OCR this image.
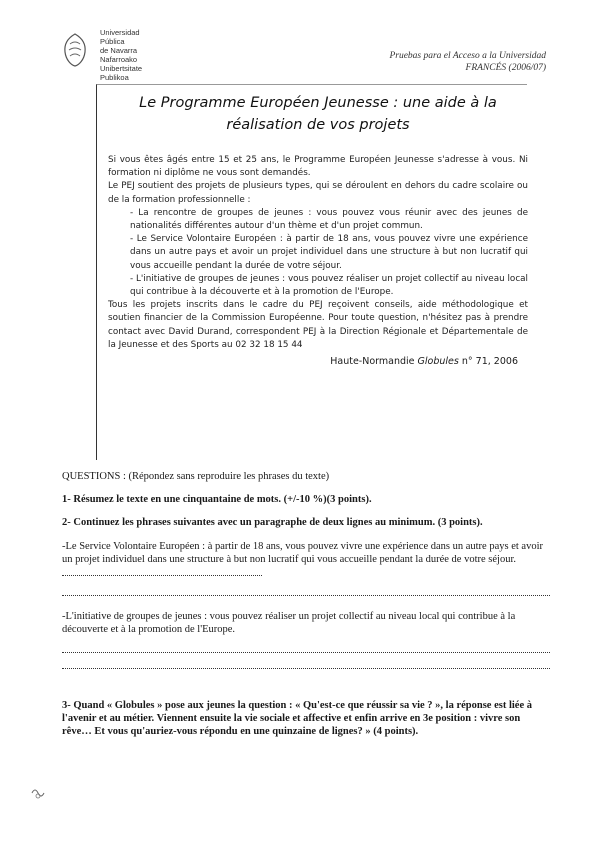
Universidad Pública
de Navarra
Nafarroako
Unibertsitate Publikoa
Pruebas para el Acceso a la Universidad
FRANCÉS (2006/07)
Le Programme Européen Jeunesse : une aide à la
réalisation de vos projets

Si vous êtes âgés entre 15 et 25 ans, le Programme Européen Jeunesse s'adresse à vous. Ni formation ni diplôme ne vous sont demandés.

Le PEJ soutient des projets de plusieurs types, qui se déroulent en dehors du cadre scolaire ou de la formation professionnelle :

- La rencontre de groupes de jeunes : vous pouvez vous réunir avec des jeunes de nationalités différentes autour d'un thème et d'un projet commun.

- Le Service Volontaire Européen : à partir de 18 ans, vous pouvez vivre une expérience dans un autre pays et avoir un projet individuel dans une structure à but non lucratif qui vous accueille pendant la durée de votre séjour.

- L'initiative de groupes de jeunes : vous pouvez réaliser un projet collectif au niveau local qui contribue à la découverte et à la promotion de l'Europe.

Tous les projets inscrits dans le cadre du PEJ reçoivent conseils, aide méthodologique et soutien financier de la Commission Européenne. Pour toute question, n'hésitez pas à prendre contact avec David Durand, correspondent PEJ à la Direction Régionale et Départementale de la Jeunesse et des Sports au 02 32 18 15 44

Haute-Normandie Globules n° 71, 2006

QUESTIONS : (Répondez sans reproduire les phrases du texte)

1- Résumez le texte en une cinquantaine de mots. (+/-10 %)(3 points).

2- Continuez les phrases suivantes avec un paragraphe de deux lignes au minimum. (3 points).

-Le Service Volontaire Européen : à partir de 18 ans, vous pouvez vivre une expérience dans un autre pays et avoir un projet individuel dans une structure à but non lucratif qui vous accueille pendant la durée de votre séjour.

-L'initiative de groupes de jeunes : vous pouvez réaliser un projet collectif au niveau local qui contribue à la découverte et à la promotion de l'Europe.

3- Quand « Globules » pose aux jeunes la question : « Qu'est-ce que réussir sa vie ? », la réponse est liée à l'avenir et au métier. Viennent ensuite la vie sociale et affective et enfin arrive en 3e position : vivre son rêve… Et vous qu'auriez-vous répondu en une quinzaine de lignes? » (4 points).
